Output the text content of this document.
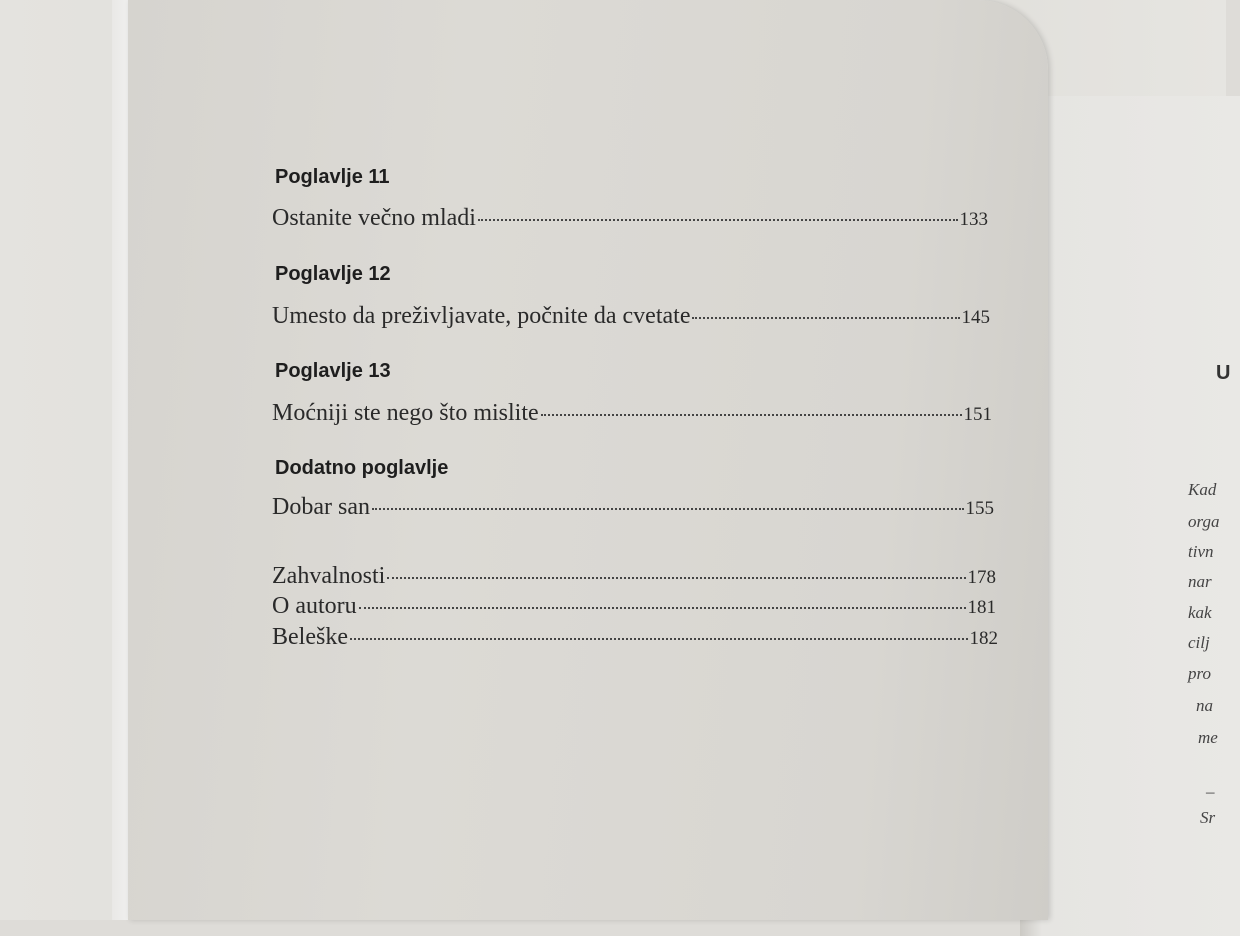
Poglavlje 11
Ostanite večno mladi	133
Poglavlje 12
Umesto da preživljavate, počnite da cvetate	145
Poglavlje 13
Moćniji ste nego što mislite	151
Dodatno poglavlje
Dobar san	155
Zahvalnosti	178
O autoru	181
Beleške	182
U
Kad
orga
tivn
nar
kak
cilj
pro
na
me
–
Sr
